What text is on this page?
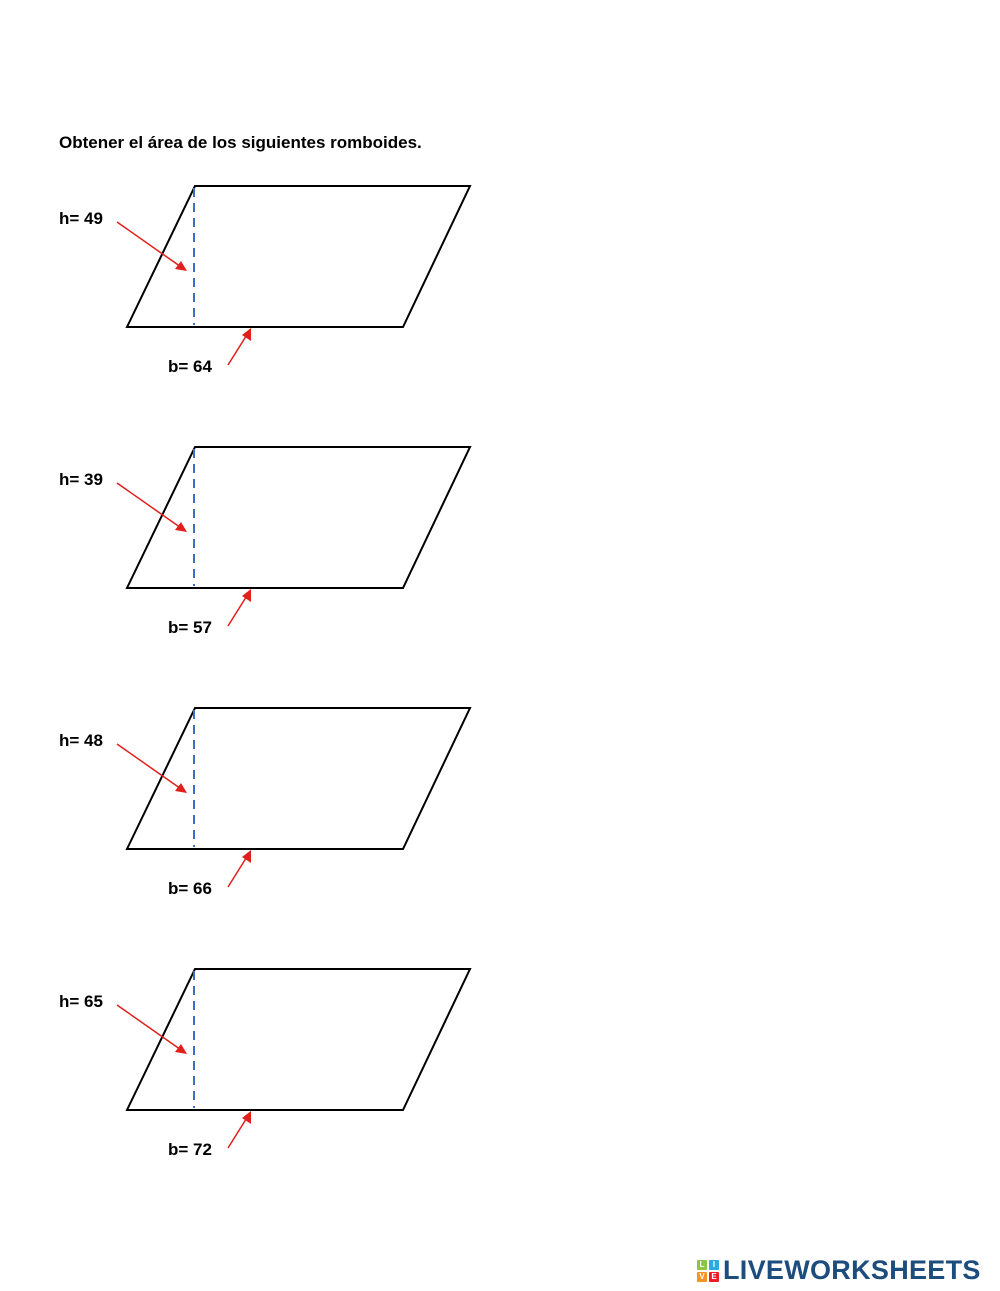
Obtener el área de los siguientes romboides.
h= 49
b= 64
h= 39
b= 57
h= 48
b= 66
h= 65
b= 72
L	I
V E LIVEWORKSHEETS
